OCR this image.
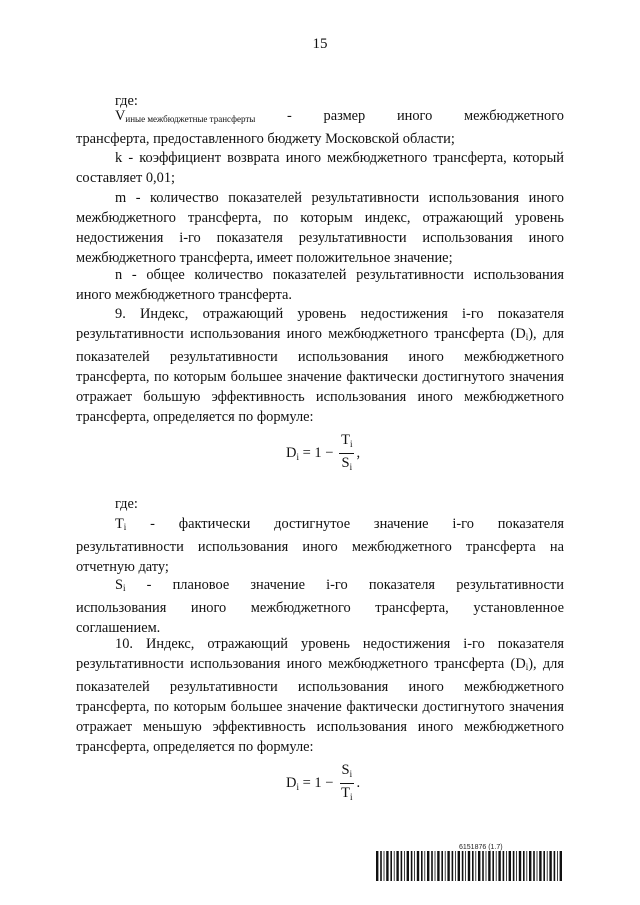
15
где:
$V_{иные межбюджетные трансферты}$ - размер иного межбюджетного

трансферта, предоставленного бюджету Московской области;

k - коэффициент возврата иного межбюджетного трансферта, который составляет 0,01;

m - количество показателей результативности использования иного межбюджетного трансферта, по которым индекс, отражающий уровень недостижения i-го показателя результативности использования иного межбюджетного трансферта, имеет положительное значение;

n - общее количество показателей результативности использования иного межбюджетного трансферта.

9. Индекс, отражающий уровень недостижения i-го показателя результативности использования иного межбюджетного трансферта $(D_i)$, для показателей результативности использования иного межбюджетного трансферта, по которым большее значение фактически достигнутого значения отражает большую эффективность использования иного межбюджетного трансферта, определяется по формуле:

$D_i = 1 - \frac{T_i}{S_i}$ ,
где:
$T_i$ - фактически достигнутое значение i-го показателя

результативности использования иного межбюджетного трансферта на отчетную дату;

$S_i$ - плановое значение i-го показателя результативности

использования иного межбюджетного трансферта, установленное соглашением.

10. Индекс, отражающий уровень недостижения i-го показателя результативности использования иного межбюджетного трансферта $(D_i)$, для показателей результативности использования иного межбюджетного трансферта, по которым большее значение фактически достигнутого значения отражает меньшую эффективность использования иного межбюджетного трансферта, определяется по формуле:

$D_i = 1 - \frac{S_i}{T_i}$ .
6151876 (1.7)
